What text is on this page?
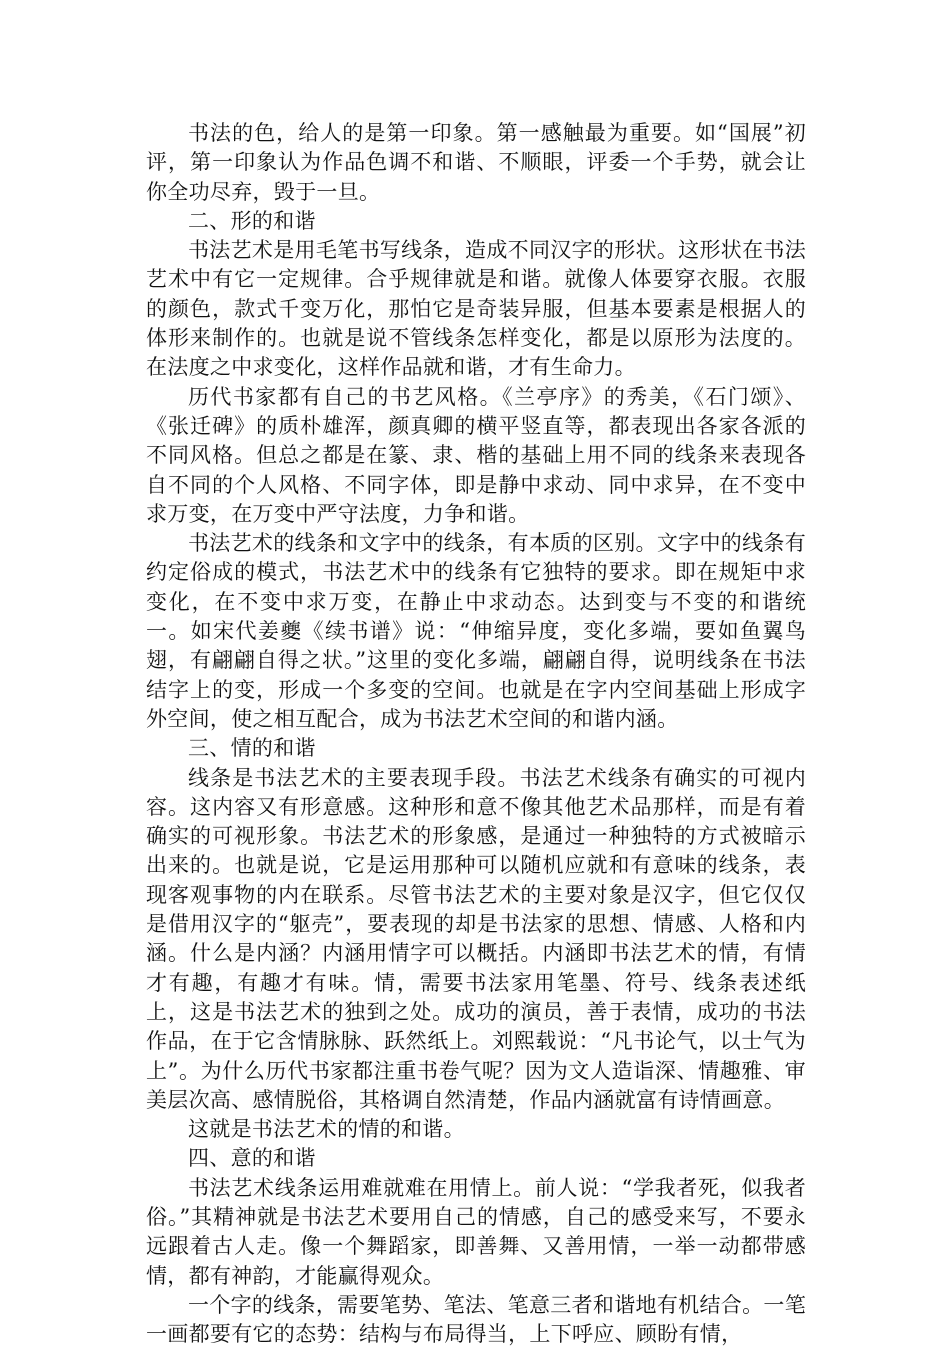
书法的色，给人的是第一印象。第一感触最为重要。如“国展”初评，第一印象认为作品色调不和谐、不顺眼，评委一个手势，就会让你全功尽弃，毁于一旦。

二、形的和谐

书法艺术是用毛笔书写线条，造成不同汉字的形状。这形状在书法艺术中有它一定规律。合乎规律就是和谐。就像人体要穿衣服。衣服的颜色，款式千变万化，那怕它是奇装异服，但基本要素是根据人的体形来制作的。也就是说不管线条怎样变化，都是以原形为法度的。在法度之中求变化，这样作品就和谐，才有生命力。

历代书家都有自己的书艺风格。《兰亭序》的秀美，《石门颂》、《张迁碑》的质朴雄浑，颜真卿的横平竖直等，都表现出各家各派的不同风格。但总之都是在篆、隶、楷的基础上用不同的线条来表现各自不同的个人风格、不同字体，即是静中求动、同中求异，在不变中求万变，在万变中严守法度，力争和谐。

书法艺术的线条和文字中的线条，有本质的区别。文字中的线条有约定俗成的模式，书法艺术中的线条有它独特的要求。即在规矩中求变化，在不变中求万变，在静止中求动态。达到变与不变的和谐统一。如宋代姜夔《续书谱》说：“伸缩异度，变化多端，要如鱼翼鸟翅，有翩翩自得之状。”这里的变化多端，翩翩自得，说明线条在书法结字上的变，形成一个多变的空间。也就是在字内空间基础上形成字外空间，使之相互配合，成为书法艺术空间的和谐内涵。

三、情的和谐

线条是书法艺术的主要表现手段。书法艺术线条有确实的可视内容。这内容又有形意感。这种形和意不像其他艺术品那样，而是有着确实的可视形象。书法艺术的形象感，是通过一种独特的方式被暗示出来的。也就是说，它是运用那种可以随机应就和有意味的线条，表现客观事物的内在联系。尽管书法艺术的主要对象是汉字，但它仅仅是借用汉字的“躯壳”，要表现的却是书法家的思想、情感、人格和内涵。什么是内涵？内涵用情字可以概括。内涵即书法艺术的情，有情才有趣，有趣才有味。情，需要书法家用笔墨、符号、线条表述纸上，这是书法艺术的独到之处。成功的演员，善于表情，成功的书法作品，在于它含情脉脉、跃然纸上。刘熙载说：“凡书论气，以士气为上”。为什么历代书家都注重书卷气呢？因为文人造诣深、情趣雅、审美层次高、感情脱俗，其格调自然清楚，作品内涵就富有诗情画意。

这就是书法艺术的情的和谐。

四、意的和谐

书法艺术线条运用难就难在用情上。前人说：“学我者死，似我者俗。”其精神就是书法艺术要用自己的情感，自己的感受来写，不要永远跟着古人走。像一个舞蹈家，即善舞、又善用情，一举一动都带感情，都有神韵，才能赢得观众。

一个字的线条，需要笔势、笔法、笔意三者和谐地有机结合。一笔一画都要有它的态势：结构与布局得当，上下呼应、顾盼有情，
